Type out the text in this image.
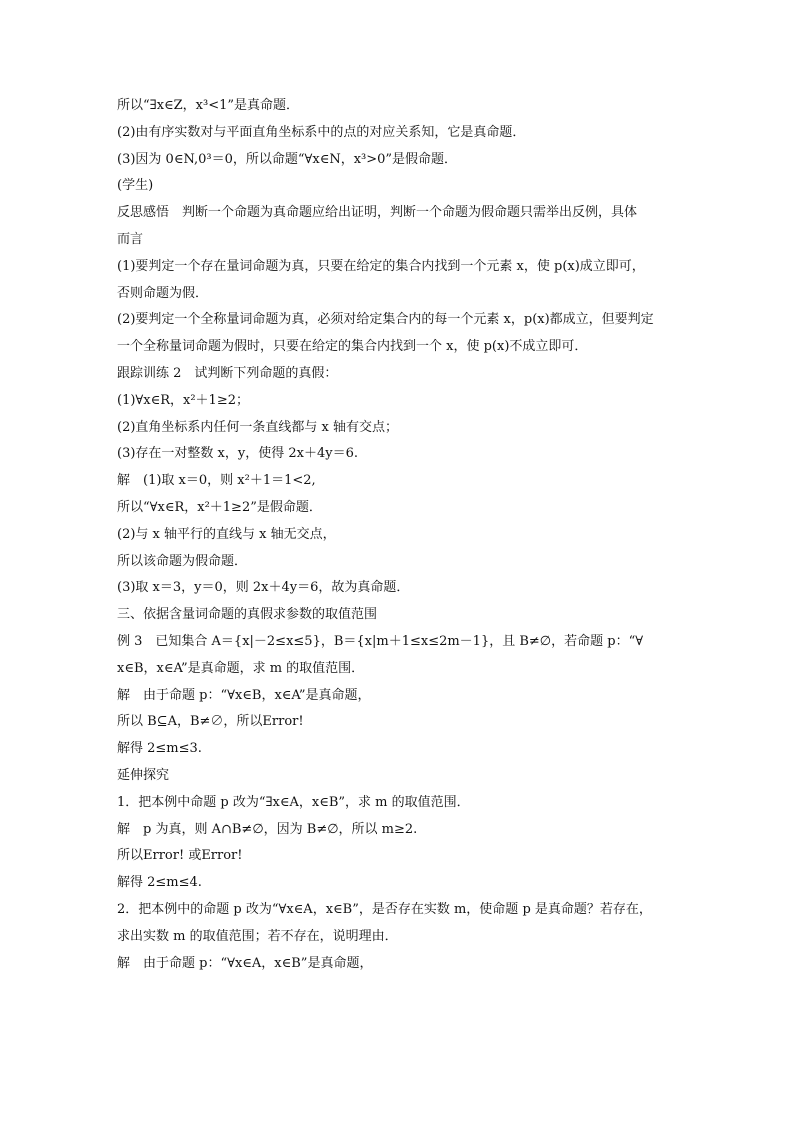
所以“∃x∈Z，x³<1”是真命题．
(2)由有序实数对与平面直角坐标系中的点的对应关系知，它是真命题．
(3)因为 0∈N,0³＝0，所以命题“∀x∈N，x³>0”是假命题．
(学生)
反思感悟　判断一个命题为真命题应给出证明，判断一个命题为假命题只需举出反例，具体
而言
(1)要判定一个存在量词命题为真，只要在给定的集合内找到一个元素 x，使 p(x)成立即可，
否则命题为假．
(2)要判定一个全称量词命题为真，必须对给定集合内的每一个元素 x，p(x)都成立，但要判定
一个全称量词命题为假时，只要在给定的集合内找到一个 x，使 p(x)不成立即可．
跟踪训练 2　试判断下列命题的真假：
(1)∀x∈R，x²＋1≥2；
(2)直角坐标系内任何一条直线都与 x 轴有交点；
(3)存在一对整数 x，y，使得 2x＋4y＝6.
解　(1)取 x＝0，则 x²＋1＝1<2,
所以“∀x∈R，x²＋1≥2”是假命题．
(2)与 x 轴平行的直线与 x 轴无交点，
所以该命题为假命题．
(3)取 x＝3，y＝0，则 2x＋4y＝6，故为真命题．
三、依据含量词命题的真假求参数的取值范围
例 3　已知集合 A＝{x|－2≤x≤5}，B＝{x|m＋1≤x≤2m－1}，且 B≠∅，若命题 p：“∀
x∈B，x∈A”是真命题，求 m 的取值范围．
解　由于命题 p：“∀x∈B，x∈A”是真命题，
所以 B⊆A，B≠∅，所以Error!
解得 2≤m≤3.
延伸探究
1．把本例中命题 p 改为“∃x∈A，x∈B”，求 m 的取值范围．
解　p 为真，则 A∩B≠∅，因为 B≠∅，所以 m≥2.
所以Error! 或Error!
解得 2≤m≤4.
2．把本例中的命题 p 改为“∀x∈A，x∈B”，是否存在实数 m，使命题 p 是真命题？若存在，
求出实数 m 的取值范围；若不存在，说明理由．
解　由于命题 p：“∀x∈A，x∈B”是真命题，
